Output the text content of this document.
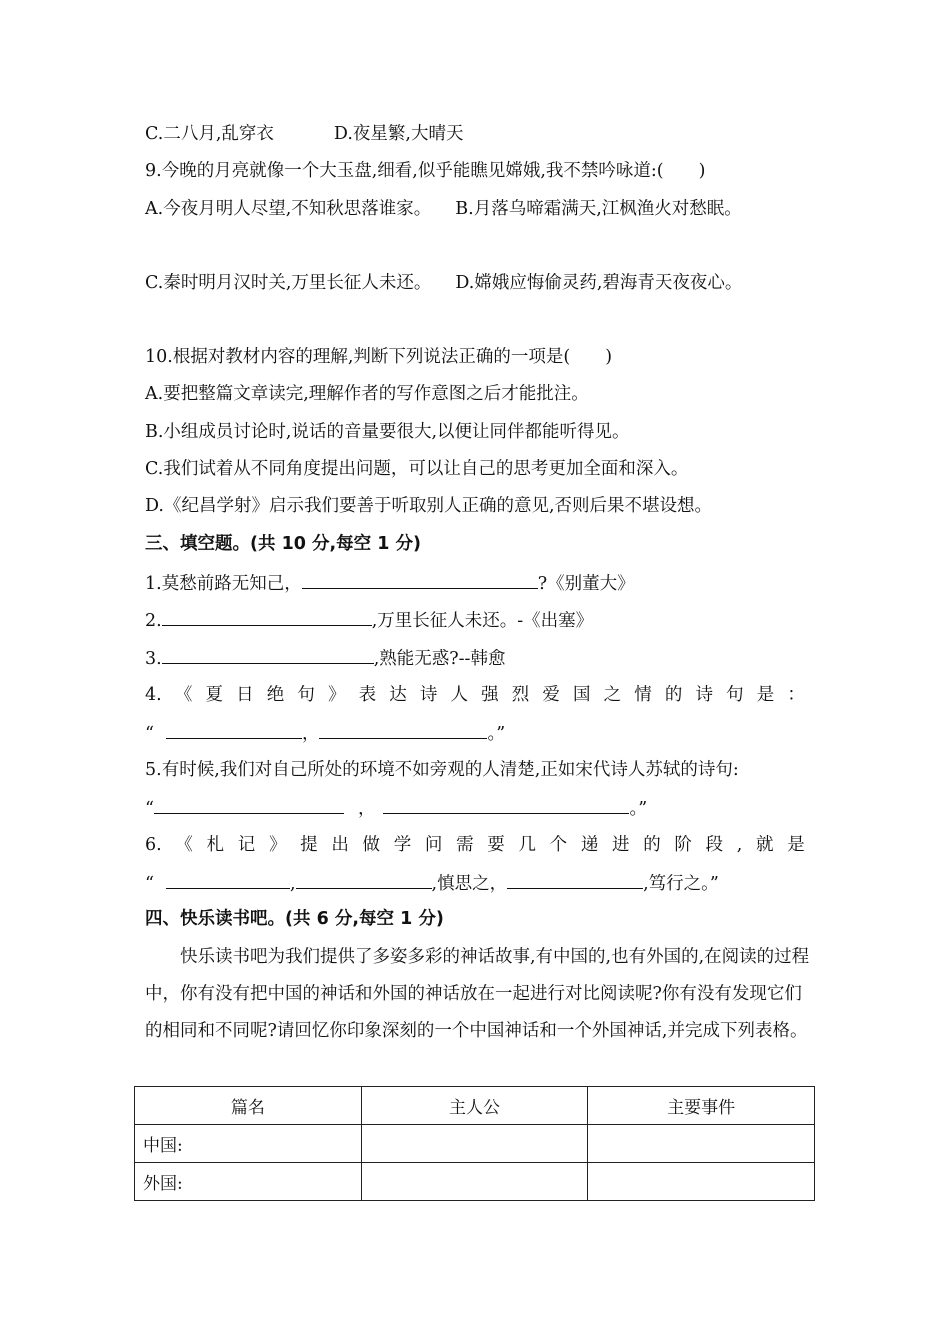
C.二八月,乱穿衣	D.夜星繁,大晴天
9.今晚的月亮就像一个大玉盘,细看,似乎能瞧见嫦娥,我不禁吟咏道:(　　)
A.今夜月明人尽望,不知秋思落谁家。 B.月落乌啼霜满天,江枫渔火对愁眠。
C.秦时明月汉时关,万里长征人未还。 D.嫦娥应悔偷灵药,碧海青天夜夜心。
10.根据对教材内容的理解,判断下列说法正确的一项是(　　)
A.要把整篇文章读完,理解作者的写作意图之后才能批注。
B.小组成员讨论时,说话的音量要很大,以便让同伴都能听得见。
C.我们试着从不同角度提出问题，可以让自己的思考更加全面和深入。
D.《纪昌学射》启示我们要善于听取别人正确的意见,否则后果不堪设想。
三、填空题。(共 10 分,每空 1 分)
1.莫愁前路无知己，	?《别董大》
2.	,万里长征人未还。-《出塞》
3.	,熟能无惑?--韩愈
4. 《 夏 日 绝 句 》 表 达 诗 人 强 烈 爱 国 之 情 的 诗 句 是 ：
“	，	。”
5.有时候,我们对自己所处的环境不如旁观的人清楚,正如宋代诗人苏轼的诗句:
“	，	。”
6. 《 札 记 》 提 出 做 学 问 需 要 几 个 递 进 的 阶 段 , 就 是
“	,	,慎思之，	,笃行之。”
四、快乐读书吧。(共 6 分,每空 1 分)
快乐读书吧为我们提供了多姿多彩的神话故事,有中国的,也有外国的,在阅读的过程中，你有没有把中国的神话和外国的神话放在一起进行对比阅读呢?你有没有发现它们的相同和不同呢?请回忆你印象深刻的一个中国神话和一个外国神话,并完成下列表格。
篇名	主人公	主要事件
中国:		
外国:		
